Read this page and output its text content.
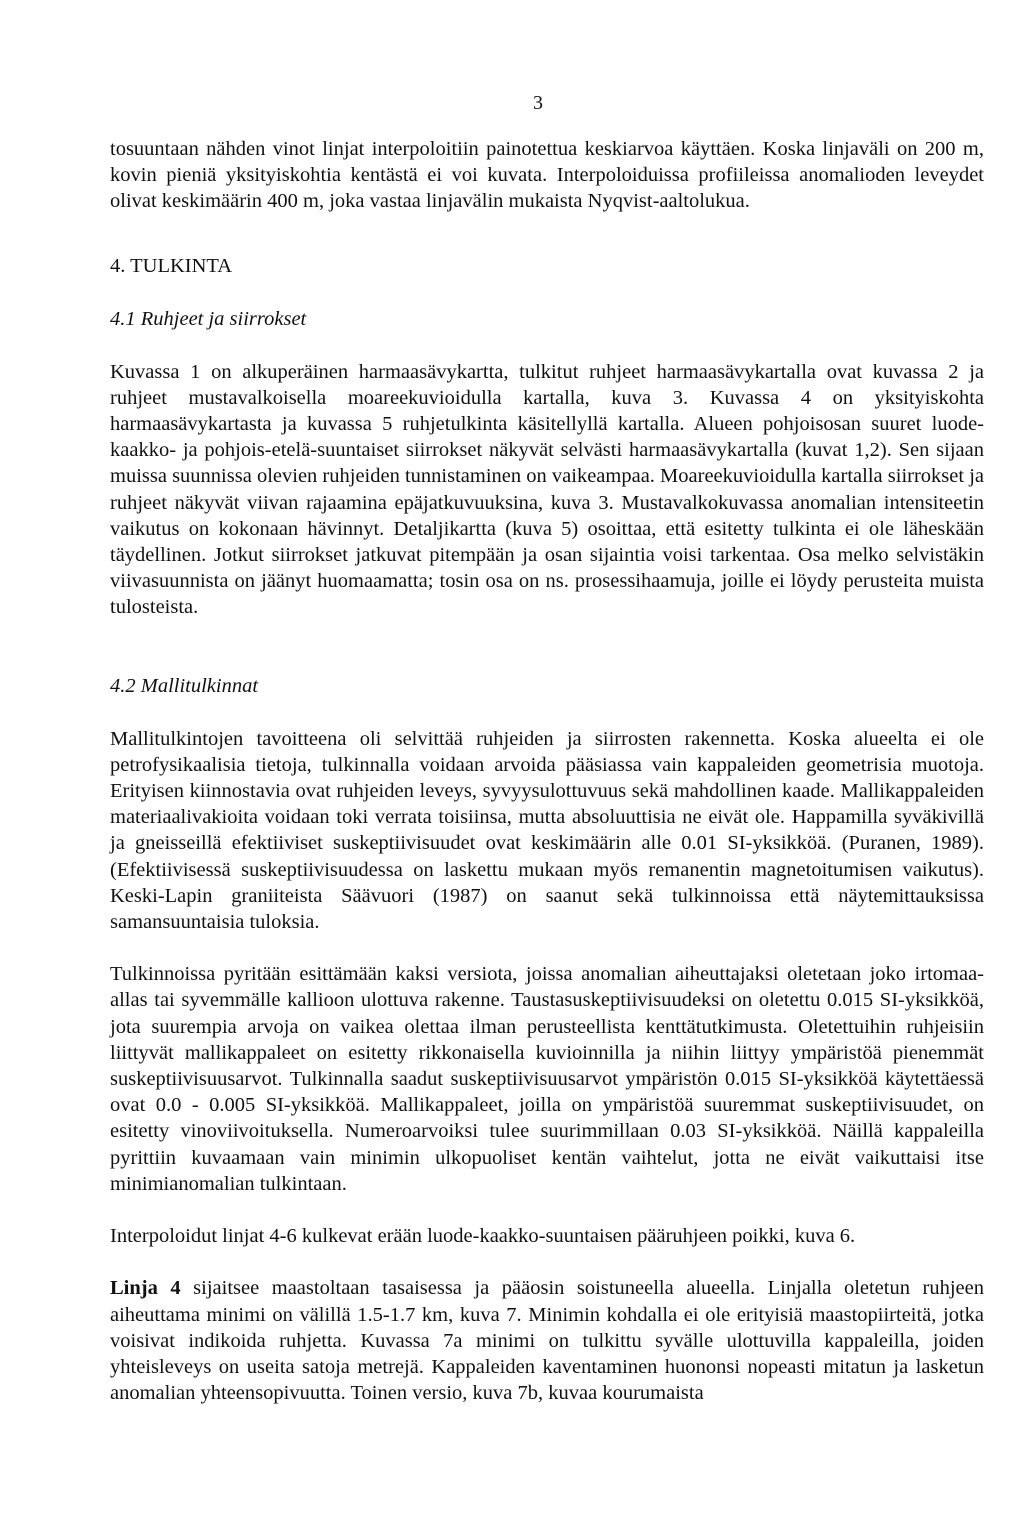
3

tosuuntaan nähden vinot linjat interpoloitiin painotettua keskiarvoa käyttäen. Koska linjaväli on 200 m, kovin pieniä yksityiskohtia kentästä ei voi kuvata. Interpoloiduissa profiileissa anomalioden leveydet olivat keskimäärin 400 m, joka vastaa linjavälin mukaista Nyqvist-aaltolukua.

4. TULKINTA
4.1 Ruhjeet ja siirrokset

Kuvassa 1 on alkuperäinen harmaasävykartta, tulkitut ruhjeet harmaasävykartalla ovat kuvassa 2 ja ruhjeet mustavalkoisella moareekuvioidulla kartalla, kuva 3. Kuvassa 4 on yksityiskohta harmaasävykartasta ja kuvassa 5 ruhjetulkinta käsitellyllä kartalla. Alueen pohjoisosan suuret luode-kaakko- ja pohjois-etelä-suuntaiset siirrokset näkyvät selvästi harmaasävykartalla (kuvat 1,2). Sen sijaan muissa suunnissa olevien ruhjeiden tunnistaminen on vaikeampaa. Moareekuvioidulla kartalla siirrokset ja ruhjeet näkyvät viivan rajaamina epäjatkuvuuksina, kuva 3. Mustavalkokuvassa anomalian intensiteetin vaikutus on kokonaan hävinnyt. Detaljikartta (kuva 5) osoittaa, että esitetty tulkinta ei ole läheskään täydellinen. Jotkut siirrokset jatkuvat pitempään ja osan sijaintia voisi tarkentaa. Osa melko selvistäkin viivasuunnista on jäänyt huomaamatta; tosin osa on ns. prosessihaamuja, joille ei löydy perusteita muista tulosteista.

4.2 Mallitulkinnat

Mallitulkintojen tavoitteena oli selvittää ruhjeiden ja siirrosten rakennetta. Koska alueelta ei ole petrofysikaalisia tietoja, tulkinnalla voidaan arvoida pääsiassa vain kappaleiden geometrisia muotoja. Erityisen kiinnostavia ovat ruhjeiden leveys, syvyysulottuvuus sekä mahdollinen kaade. Mallikappaleiden materiaalivakioita voidaan toki verrata toisiinsa, mutta absoluuttisia ne eivät ole. Happamilla syväkivillä ja gneisseillä efektiiviset suskeptiivisuudet ovat keskimäärin alle 0.01 SI-yksikköä. (Puranen, 1989). (Efektiivisessä suskeptiivisuudessa on laskettu mukaan myös remanentin magnetoitumisen vaikutus). Keski-Lapin graniiteista Säävuori (1987) on saanut sekä tulkinnoissa että näytemittauksissa samansuuntaisia tuloksia.

Tulkinnoissa pyritään esittämään kaksi versiota, joissa anomalian aiheuttajaksi oletetaan joko irtomaa-allas tai syvemmälle kallioon ulottuva rakenne. Taustasuskeptiivisuudeksi on oletettu 0.015 SI-yksikköä, jota suurempia arvoja on vaikea olettaa ilman perusteellista kenttätutkimusta. Oletettuihin ruhjeisiin liittyvät mallikappaleet on esitetty rikkonaisella kuvioinnilla ja niihin liittyy ympäristöä pienemmät suskeptiivisuusarvot. Tulkinnalla saadut suskeptiivisuusarvot ympäristön 0.015 SI-yksikköä käytettäessä ovat 0.0 - 0.005 SI-yksikköä. Mallikappaleet, joilla on ympäristöä suuremmat suskeptiivisuudet, on esitetty vinoviivoituksella. Numeroarvoiksi tulee suurimmillaan 0.03 SI-yksikköä. Näillä kappaleilla pyrittiin kuvaamaan vain minimin ulkopuoliset kentän vaihtelut, jotta ne eivät vaikuttaisi itse minimianomalian tulkintaan.

Interpoloidut linjat 4-6 kulkevat erään luode-kaakko-suuntaisen pääruhjeen poikki, kuva 6.

Linja 4 sijaitsee maastoltaan tasaisessa ja pääosin soistuneella alueella. Linjalla oletetun ruhjeen aiheuttama minimi on välillä 1.5-1.7 km, kuva 7. Minimin kohdalla ei ole erityisiä maastopiirteitä, jotka voisivat indikoida ruhjetta. Kuvassa 7a minimi on tulkittu syvälle ulottuvilla kappaleilla, joiden yhteisleveys on useita satoja metrejä. Kappaleiden kaventaminen huononsi nopeasti mitatun ja lasketun anomalian yhteensopivuutta. Toinen versio, kuva 7b, kuvaa kourumaista
